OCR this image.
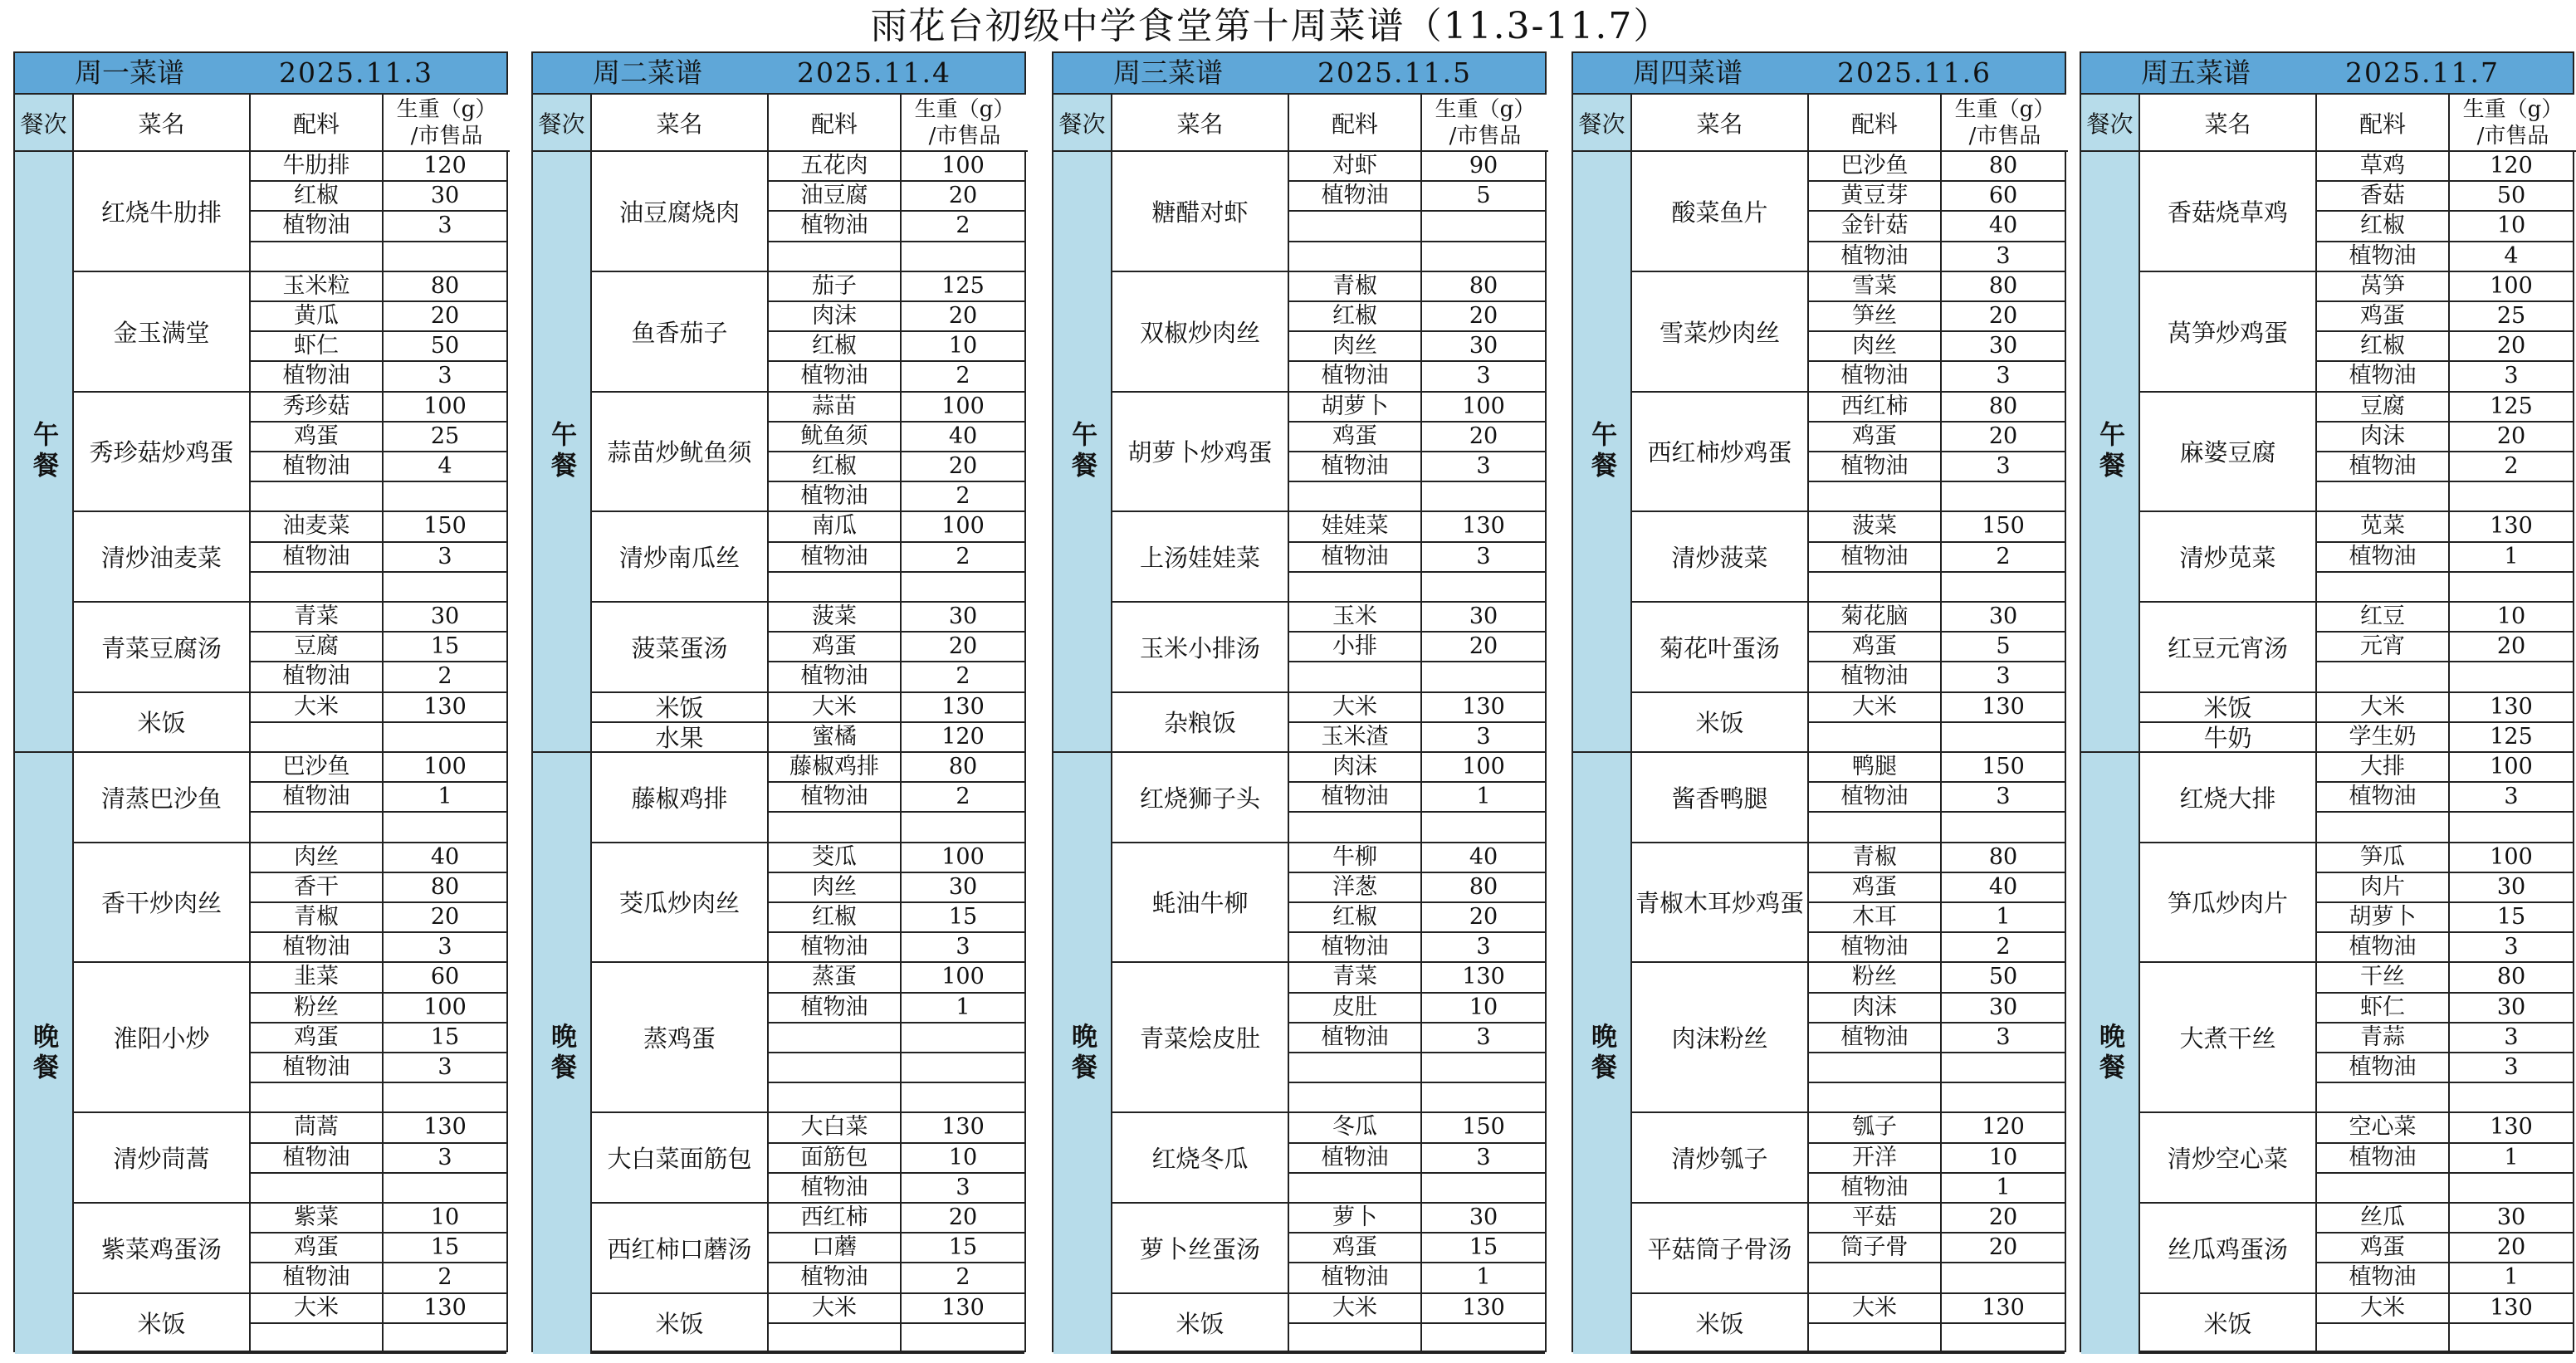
雨花台初级中学食堂第十周菜谱（11.3-11.7）
周一菜谱	2025.11.3
餐次	菜名	配料
生重（g）
/市售品
红烧牛肋排
牛肋排	120
红椒	30
植物油	3
金玉满堂
玉米粒	80
黄瓜	20
虾仁	50
植物油	3
秀珍菇炒鸡蛋
秀珍菇	100
鸡蛋	25
植物油	4
清炒油麦菜
油麦菜	150
植物油	3
青菜豆腐汤
青菜	30
豆腐	15
植物油	2
米饭
大米	130
午餐
清蒸巴沙鱼
巴沙鱼	100
植物油	1
香干炒肉丝
肉丝	40
香干	80
青椒	20
植物油	3
淮阳小炒
韭菜	60
粉丝	100
鸡蛋	15
植物油	3
清炒茼蒿
茼蒿	130
植物油	3
紫菜鸡蛋汤
紫菜	10
鸡蛋	15
植物油	2
米饭
大米	130
晚餐
周二菜谱	2025.11.4
餐次	菜名	配料
生重（g）
/市售品
油豆腐烧肉
五花肉	100
油豆腐	20
植物油	2
鱼香茄子
茄子	125
肉沫	20
红椒	10
植物油	2
蒜苗炒鱿鱼须
蒜苗	100
鱿鱼须	40
红椒	20
植物油	2
清炒南瓜丝
南瓜	100
植物油	2
菠菜蛋汤
菠菜	30
鸡蛋	20
植物油	2
米饭	大米	130
水果	蜜橘	120
午餐
藤椒鸡排
藤椒鸡排	80
植物油	2
茭瓜炒肉丝
茭瓜	100
肉丝	30
红椒	15
植物油	3
蒸鸡蛋
蒸蛋	100
植物油	1
大白菜面筋包
大白菜	130
面筋包	10
植物油	3
西红柿口蘑汤
西红柿	20
口蘑	15
植物油	2
米饭
大米	130
晚餐
周三菜谱	2025.11.5
餐次	菜名	配料
生重（g）
/市售品
糖醋对虾
对虾	90
植物油	5
双椒炒肉丝
青椒	80
红椒	20
肉丝	30
植物油	3
胡萝卜炒鸡蛋
胡萝卜	100
鸡蛋	20
植物油	3
上汤娃娃菜
娃娃菜	130
植物油	3
玉米小排汤
玉米	30
小排	20
杂粮饭
大米	130
玉米渣	3
午餐
红烧狮子头
肉沫	100
植物油	1
蚝油牛柳
牛柳	40
洋葱	80
红椒	20
植物油	3
青菜烩皮肚
青菜	130
皮肚	10
植物油	3
红烧冬瓜
冬瓜	150
植物油	3
萝卜丝蛋汤
萝卜	30
鸡蛋	15
植物油	1
米饭
大米	130
晚餐
周四菜谱	2025.11.6
餐次	菜名	配料
生重（g）
/市售品
酸菜鱼片
巴沙鱼	80
黄豆芽	60
金针菇	40
植物油	3
雪菜炒肉丝
雪菜	80
笋丝	20
肉丝	30
植物油	3
西红柿炒鸡蛋
西红柿	80
鸡蛋	20
植物油	3
清炒菠菜
菠菜	150
植物油	2
菊花叶蛋汤
菊花脑	30
鸡蛋	5
植物油	3
米饭
大米	130
午餐
酱香鸭腿
鸭腿	150
植物油	3
青椒木耳炒鸡蛋
青椒	80
鸡蛋	40
木耳	1
植物油	2
肉沫粉丝
粉丝	50
肉沫	30
植物油	3
清炒瓠子
瓠子	120
开洋	10
植物油	1
平菇筒子骨汤
平菇	20
筒子骨	20
米饭
大米	130
晚餐
周五菜谱	2025.11.7
餐次	菜名	配料
生重（g）
/市售品
香菇烧草鸡
草鸡	120
香菇	50
红椒	10
植物油	4
莴笋炒鸡蛋
莴笋	100
鸡蛋	25
红椒	20
植物油	3
麻婆豆腐
豆腐	125
肉沫	20
植物油	2
清炒苋菜
苋菜	130
植物油	1
红豆元宵汤
红豆	10
元宵	20
米饭	大米	130
牛奶	学生奶	125
午餐
红烧大排
大排	100
植物油	3
笋瓜炒肉片
笋瓜	100
肉片	30
胡萝卜	15
植物油	3
大煮干丝
干丝	80
虾仁	30
青蒜	3
植物油	3
清炒空心菜
空心菜	130
植物油	1
丝瓜鸡蛋汤
丝瓜	30
鸡蛋	20
植物油	1
米饭
大米	130
晚餐
